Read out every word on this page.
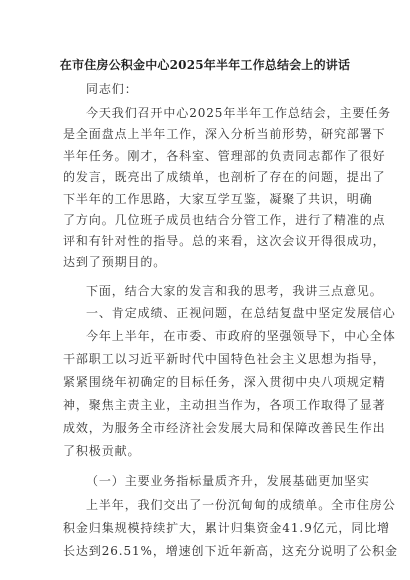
在市住房公积金中心2025年半年工作总结会上的讲话
同志们：
今天我们召开中心2025年半年工作总结会，主要任务
是全面盘点上半年工作，深入分析当前形势，研究部署下
半年任务。刚才，各科室、管理部的负责同志都作了很好
的发言，既亮出了成绩单，也剖析了存在的问题，提出了
下半年的工作思路，大家互学互鉴，凝聚了共识，明确
了方向。几位班子成员也结合分管工作，进行了精准的点
评和有针对性的指导。总的来看，这次会议开得很成功，
达到了预期目的。
下面，结合大家的发言和我的思考，我讲三点意见。
一、肯定成绩、正视问题，在总结复盘中坚定发展信心
今年上半年，在市委、市政府的坚强领导下，中心全体
干部职工以习近平新时代中国特色社会主义思想为指导，
紧紧围绕年初确定的目标任务，深入贯彻中央八项规定精
神，聚焦主责主业，主动担当作为，各项工作取得了显著
成效，为服务全市经济社会发展大局和保障改善民生作出
了积极贡献。
（一）主要业务指标量质齐升，发展基础更加坚实
上半年，我们交出了一份沉甸甸的成绩单。全市住房公
积金归集规模持续扩大，累计归集资金41.9亿元，同比增
长达到26.51%，增速创下近年新高，这充分说明了公积金
